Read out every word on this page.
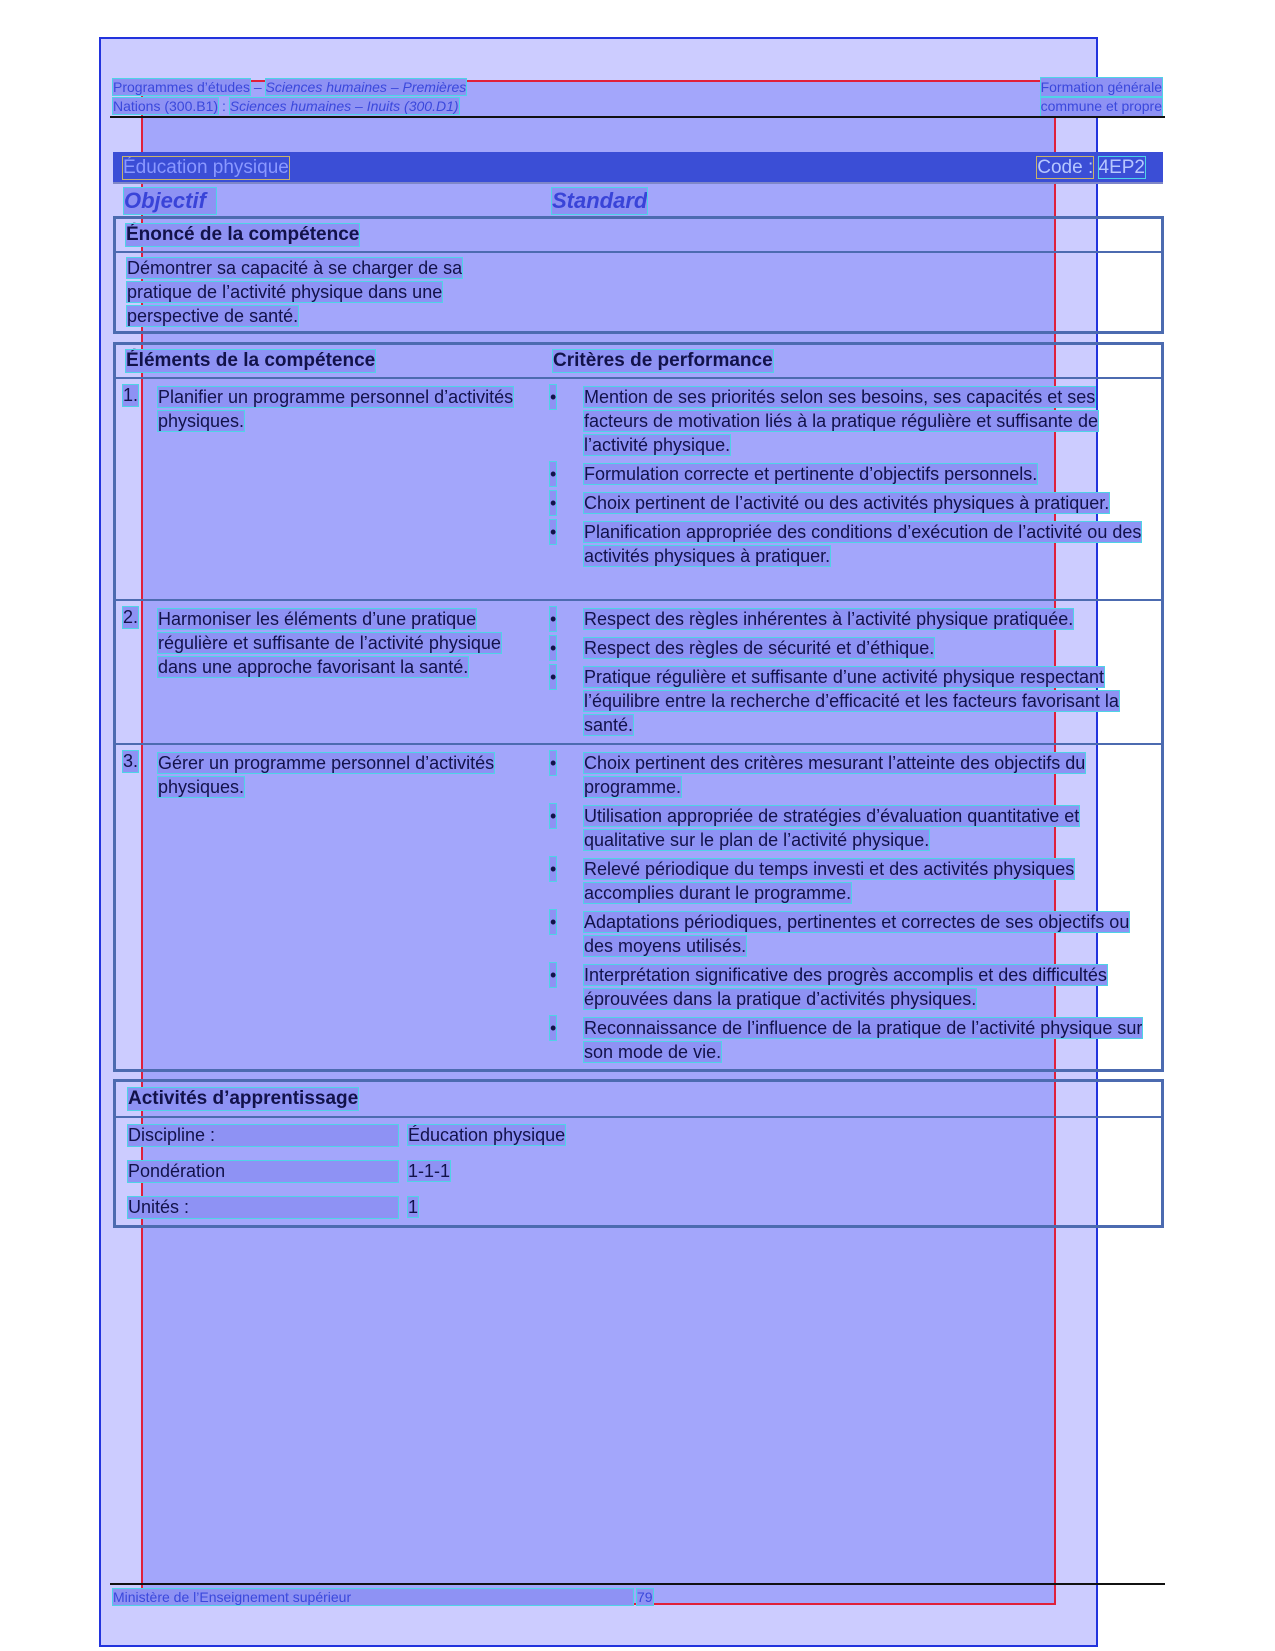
Programmes d’études – Sciences humaines – Premières
Nations (300.B1) : Sciences humaines – Inuits (300.D1)
Formation générale
commune et propre
Éducation physique	Code : 4EP2
Objectif	Standard
Énoncé de la compétence
Démontrer sa capacité à se charger de sa pratique de l’activité physique dans une perspective de santé.
Éléments de la compétence	Critères de performance
1. Planifier un programme personnel d’activités physiques.
• Mention de ses priorités selon ses besoins, ses capacités et ses facteurs de motivation liés à la pratique régulière et suffisante de l’activité physique.
• Formulation correcte et pertinente d’objectifs personnels.
• Choix pertinent de l’activité ou des activités physiques à pratiquer.
• Planification appropriée des conditions d’exécution de l’activité ou des activités physiques à pratiquer.
2. Harmoniser les éléments d’une pratique régulière et suffisante de l’activité physique dans une approche favorisant la santé.
• Respect des règles inhérentes à l’activité physique pratiquée.
• Respect des règles de sécurité et d’éthique.
• Pratique régulière et suffisante d’une activité physique respectant l’équilibre entre la recherche d’efficacité et les facteurs favorisant la santé.
3. Gérer un programme personnel d’activités physiques.
• Choix pertinent des critères mesurant l’atteinte des objectifs du programme.
• Utilisation appropriée de stratégies d’évaluation quantitative et qualitative sur le plan de l’activité physique.
• Relevé périodique du temps investi et des activités physiques accomplies durant le programme.
• Adaptations périodiques, pertinentes et correctes de ses objectifs ou des moyens utilisés.
• Interprétation significative des progrès accomplis et des difficultés éprouvées dans la pratique d’activités physiques.
• Reconnaissance de l’influence de la pratique de l’activité physique sur son mode de vie.
Activités d’apprentissage
Discipline :	Éducation physique
Pondération	1-1-1
Unités :	1
Ministère de l’Enseignement supérieur	79
